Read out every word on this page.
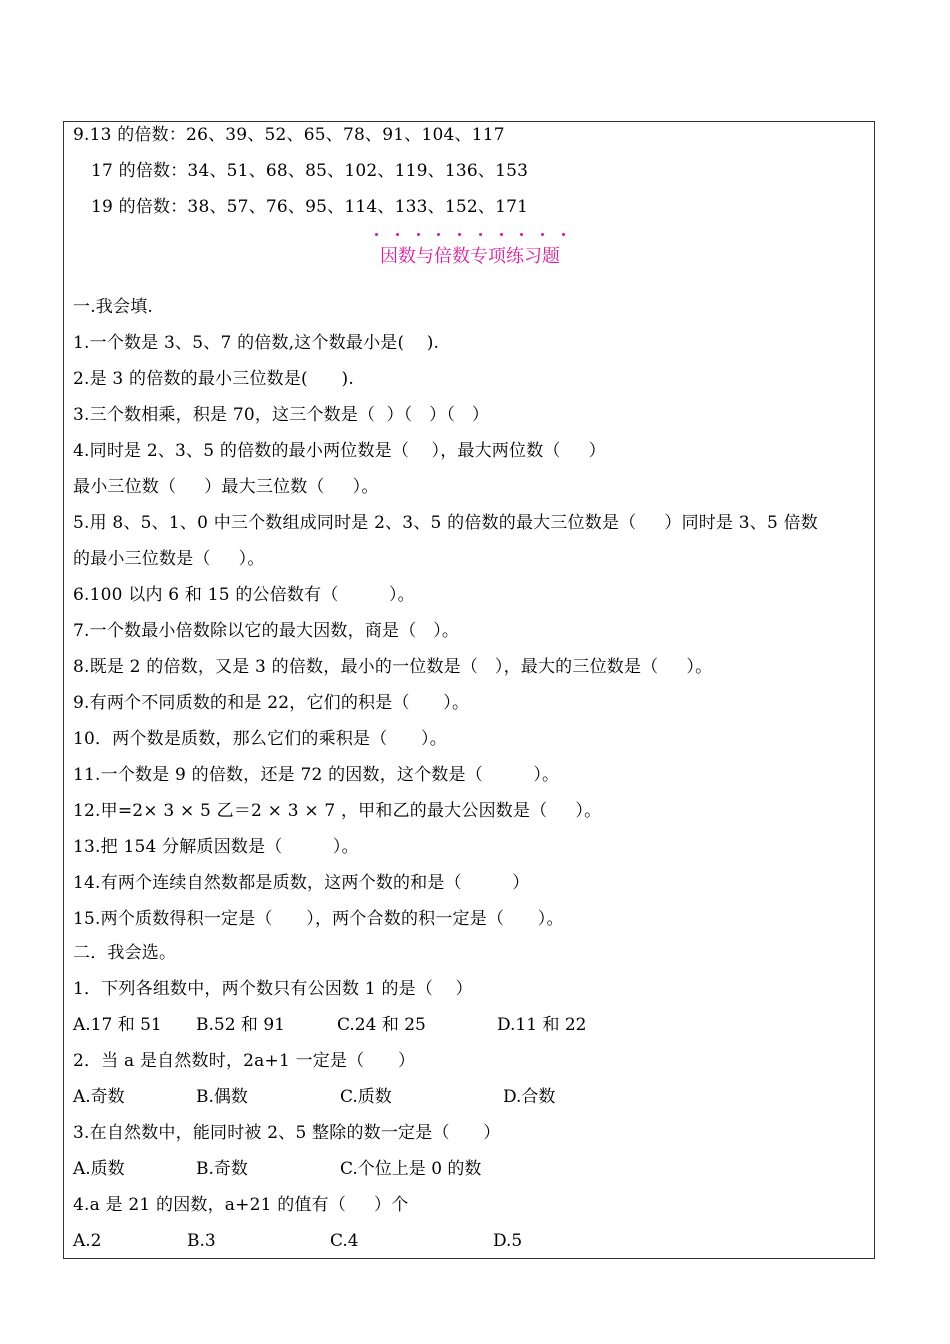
9.13 的倍数：26、39、52、65、78、91、104、117
17 的倍数：34、51、68、85、102、119、136、153
19 的倍数：38、57、76、95、114、133、152、171
因数与倍数专项练习题
一.我会填.
1.一个数是 3、5、7 的倍数,这个数最小是(    ).
2.是 3 的倍数的最小三位数是(      ).
3.三个数相乘，积是 70，这三个数是（  ）（   ）（   ）
4.同时是 2、3、5 的倍数的最小两位数是（    ），最大两位数（     ）
最小三位数（     ）最大三位数（     ）。
5.用 8、5、1、0 中三个数组成同时是 2、3、5 的倍数的最大三位数是（     ）同时是 3、5 倍数
的最小三位数是（     ）。
6.100 以内 6 和 15 的公倍数有（         ）。
7.一个数最小倍数除以它的最大因数，商是（   ）。
8.既是 2 的倍数，又是 3 的倍数，最小的一位数是（   ），最大的三位数是（     ）。
9.有两个不同质数的和是 22，它们的积是（      ）。
10．两个数是质数，那么它们的乘积是（      ）。
11.一个数是 9 的倍数，还是 72 的因数，这个数是（         ）。
12.甲=2× 3 × 5 乙＝2 × 3 × 7 ，甲和乙的最大公因数是（     ）。
13.把 154 分解质因数是（         ）。
14.有两个连续自然数都是质数，这两个数的和是（         ）
15.两个质数得积一定是（      ），两个合数的积一定是（      ）。
二．我会选。
1．下列各组数中，两个数只有公因数 1 的是（    ）
A.17 和 51 B.52 和 91	C.24 和 25	D.11 和 22
2．当 a 是自然数时，2a+1 一定是（      ）
A.奇数	B.偶数	C.质数	D.合数
3.在自然数中，能同时被 2、5 整除的数一定是（      ）
A.质数	B.奇数	C.个位上是 0 的数
4.a 是 21 的因数，a+21 的值有（     ）个
A.2	B.3	C.4	D.5
